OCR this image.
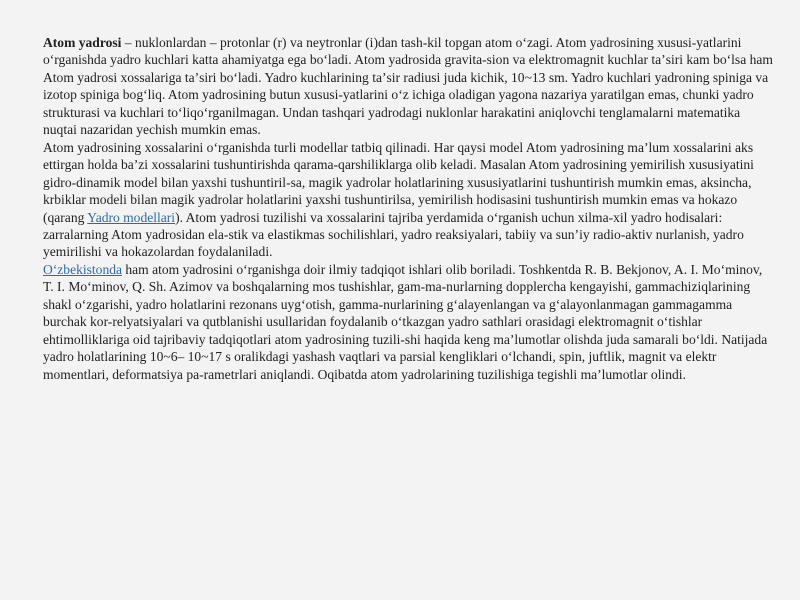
Atom yadrosi – nuklonlardan – protonlar (r) va neytronlar (i)dan tash-kil topgan atom oʻzagi. Atom yadrosining xususi-yatlarini oʻrganishda yadro kuchlari katta ahamiyatga ega boʻladi. Atom yadrosida gravita-sion va elektromagnit kuchlar taʼsiri kam boʻlsa ham Atom yadrosi xossalariga taʼsiri boʻladi. Yadro kuchlarining taʼsir radiusi juda kichik, 10~13 sm. Yadro kuchlari yadroning spiniga va izotop spiniga bogʻliq. Atom yadrosining butun xususi-yatlarini oʻz ichiga oladigan yagona nazariya yaratilgan emas, chunki yadro strukturasi va kuchlari toʻliqoʻrganilmagan. Undan tashqari yadrodagi nuklonlar harakatini aniqlovchi tenglamalarni matematika nuqtai nazaridan yechish mumkin emas.

Atom yadrosining xossalarini oʻrganishda turli modellar tatbiq qilinadi. Har qaysi model Atom yadrosining maʼlum xossalarini aks ettirgan holda baʼzi xossalarini tushuntirishda qarama-qarshiliklarga olib keladi. Masalan Atom yadrosining yemirilish xususiyatini gidro-dinamik model bilan yaxshi tushuntiril-sa, magik yadrolar holatlarining xususiyatlarini tushuntirish mumkin emas, aksincha, krbiklar modeli bilan magik yadrolar holatlarini yaxshi tushuntirilsa, yemirilish hodisasini tushuntirish mumkin emas va hokazo (qarang Yadro modellari). Atom yadrosi tuzilishi va xossalarini tajriba yerdamida oʻrganish uchun xilma-xil yadro hodisalari: zarralarning Atom yadrosidan ela-stik va elastikmas sochilishlari, yadro reaksiyalari, tabiiy va sunʼiy radio-aktiv nurlanish, yadro yemirilishi va hokazolardan foydalaniladi.

Oʻzbekistonda ham atom yadrosini oʻrganishga doir ilmiy tadqiqot ishlari olib boriladi. Toshkentda R. B. Bekjonov, A. I. Moʻminov, T. I. Moʻminov, Q. Sh. Azimov va boshqalarning mos tushishlar, gam-ma-nurlarning dopplercha kengayishi, gammachiziqlarining shakl oʻzgarishi, yadro holatlarini rezonans uygʻotish, gamma-nurlarining gʻalayenlangan va gʻalayonlanmagan gammagamma burchak kor-relyatsiyalari va qutblanishi usullaridan foydalanib oʻtkazgan yadro sathlari orasidagi elektromagnit oʻtishlar ehtimolliklariga oid tajribaviy tadqiqotlari atom yadrosining tuzili-shi haqida keng maʼlumotlar olishda juda samarali boʻldi. Natijada yadro holatlarining 10~6– 10~17 s oralikdagi yashash vaqtlari va parsial kengliklari oʻlchandi, spin, juftlik, magnit va elektr momentlari, deformatsiya pa-rametrlari aniqlandi. Oqibatda atom yadrolarining tuzilishiga tegishli maʼlumotlar olindi.
